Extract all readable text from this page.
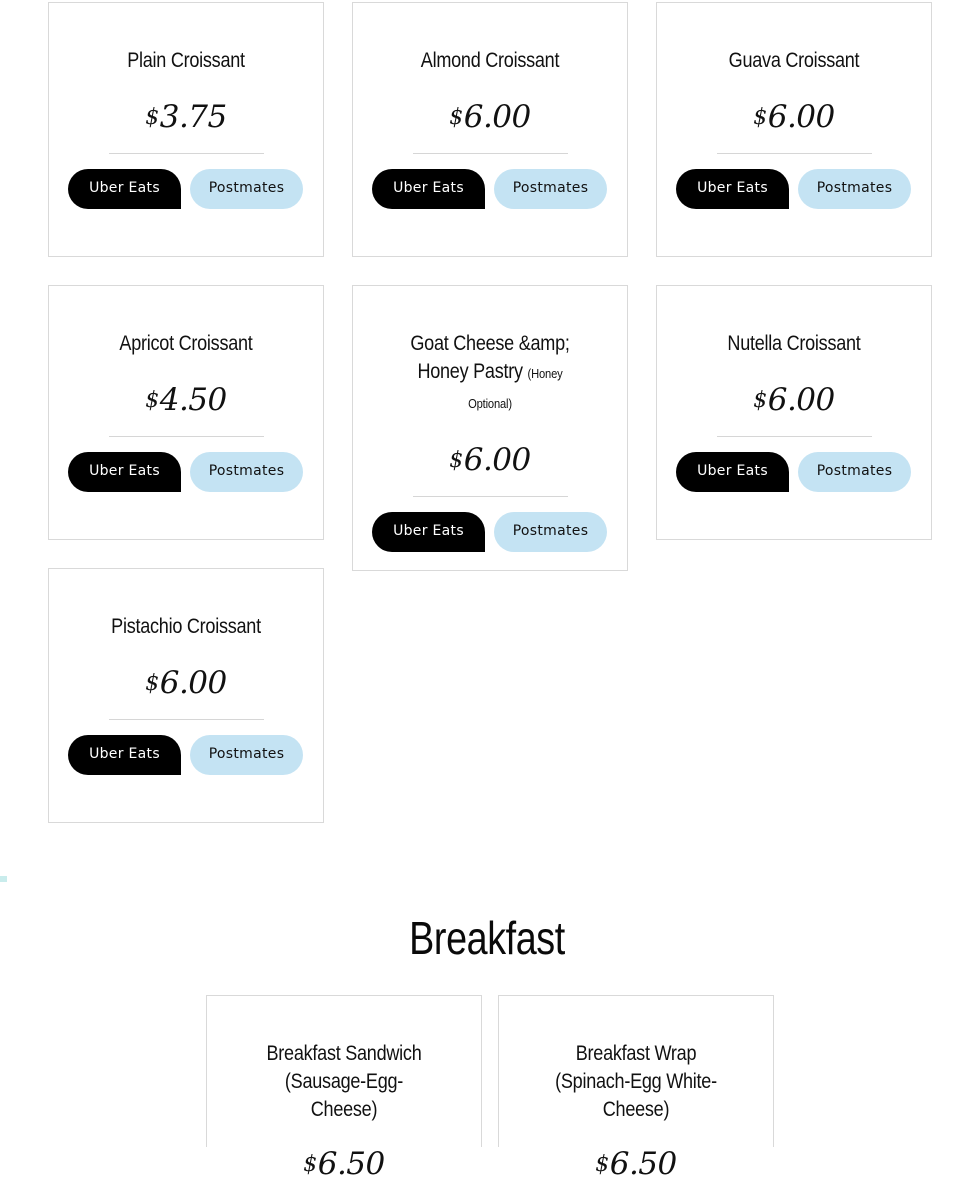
Plain Croissant
$3.75
Uber Eats	Postmates
Almond Croissant
$6.00
Uber Eats	Postmates
Guava Croissant
$6.00
Uber Eats	Postmates
Apricot Croissant
$4.50
Uber Eats	Postmates
Goat Cheese &amp; Honey Pastry (Honey Optional)
$6.00
Uber Eats	Postmates
Nutella Croissant
$6.00
Uber Eats	Postmates
Pistachio Croissant
$6.00
Uber Eats	Postmates
Breakfast
Breakfast Sandwich (Sausage-Egg-Cheese)
$6.50
Breakfast Wrap (Spinach-Egg White-Cheese)
$6.50
